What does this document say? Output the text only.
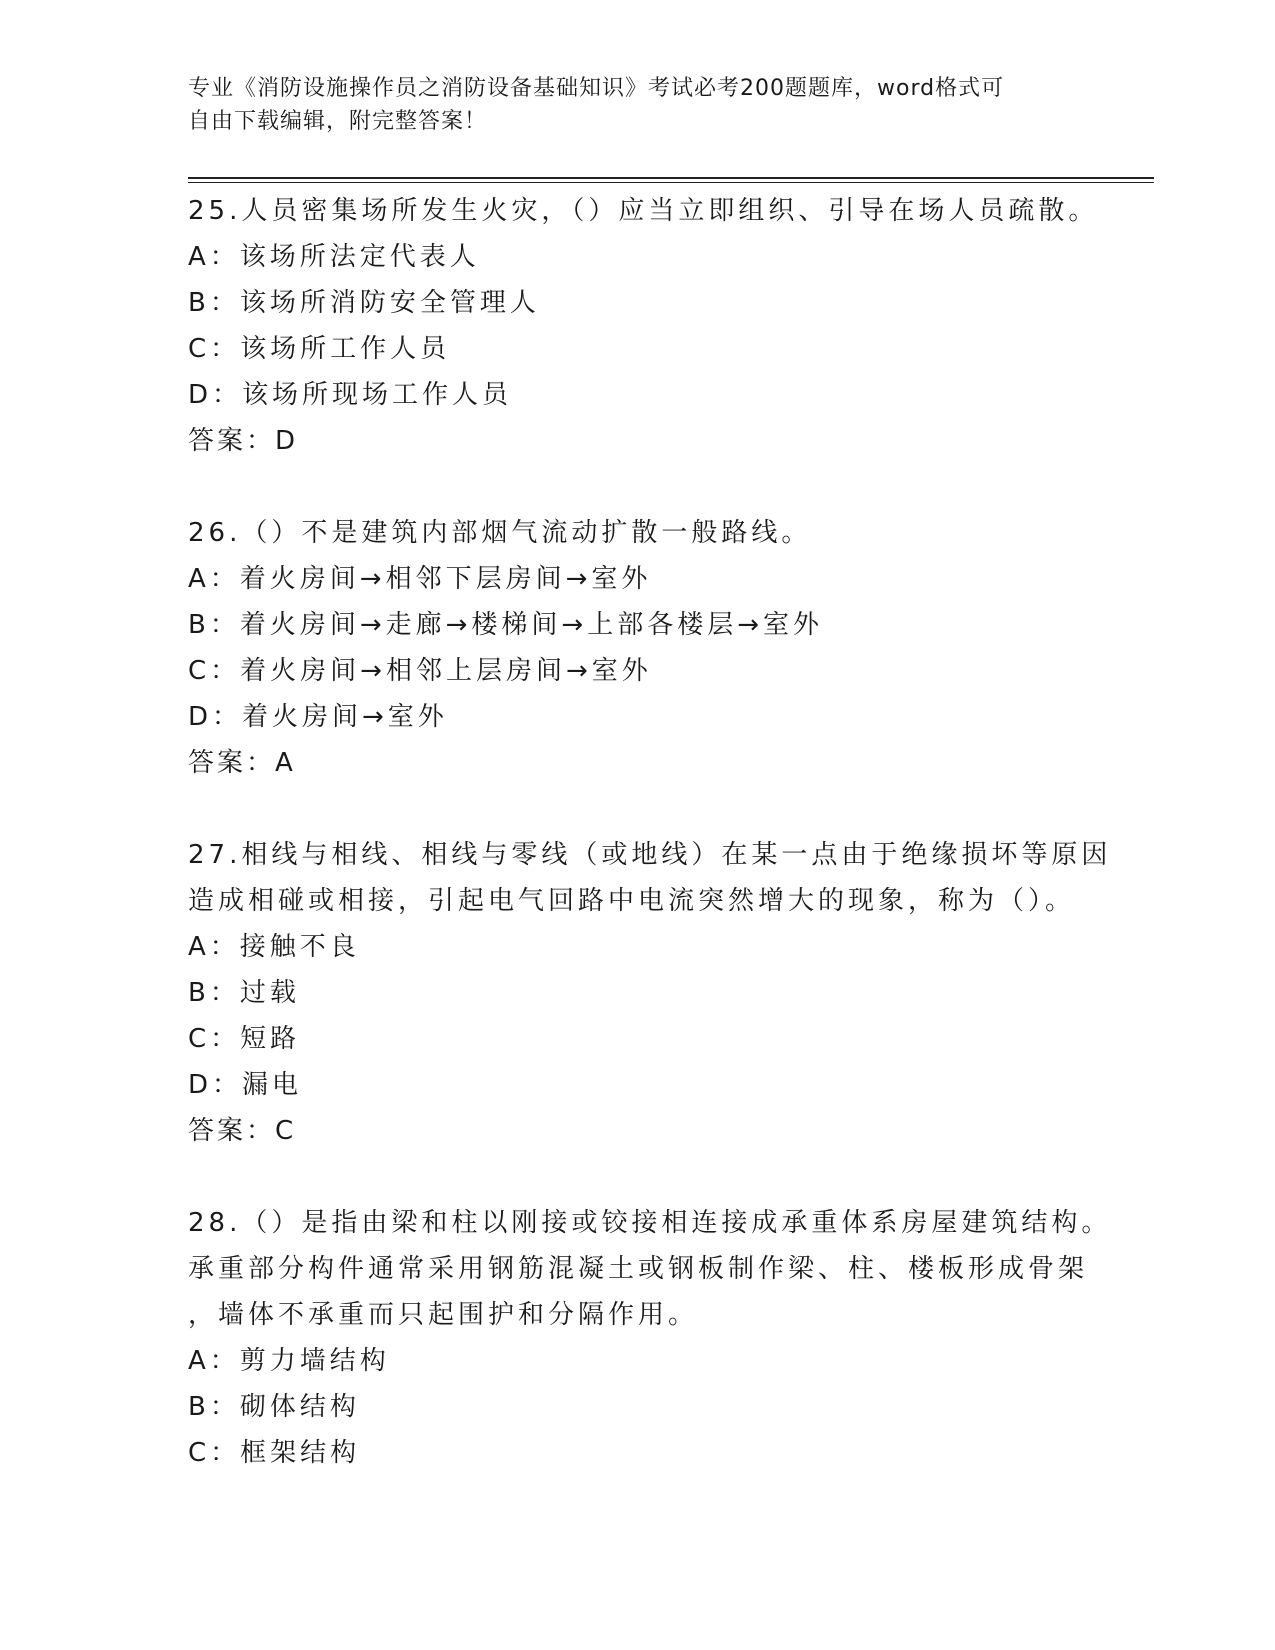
专业《消防设施操作员之消防设备基础知识》考试必考200题题库，word格式可
自由下载编辑，附完整答案！
25.人员密集场所发生火灾，（）应当立即组织、引导在场人员疏散。
A：该场所法定代表人
B：该场所消防安全管理人
C：该场所工作人员
D：该场所现场工作人员
答案：D
26.（）不是建筑内部烟气流动扩散一般路线。
A：着火房间→相邻下层房间→室外
B：着火房间→走廊→楼梯间→上部各楼层→室外
C：着火房间→相邻上层房间→室外
D：着火房间→室外
答案：A
27.相线与相线、相线与零线（或地线）在某一点由于绝缘损坏等原因
造成相碰或相接，引起电气回路中电流突然增大的现象，称为（）。
A：接触不良
B：过载
C：短路
D：漏电
答案：C
28.（）是指由梁和柱以刚接或铰接相连接成承重体系房屋建筑结构。
承重部分构件通常采用钢筋混凝土或钢板制作梁、柱、楼板形成骨架
，墙体不承重而只起围护和分隔作用。
A：剪力墙结构
B：砌体结构
C：框架结构
